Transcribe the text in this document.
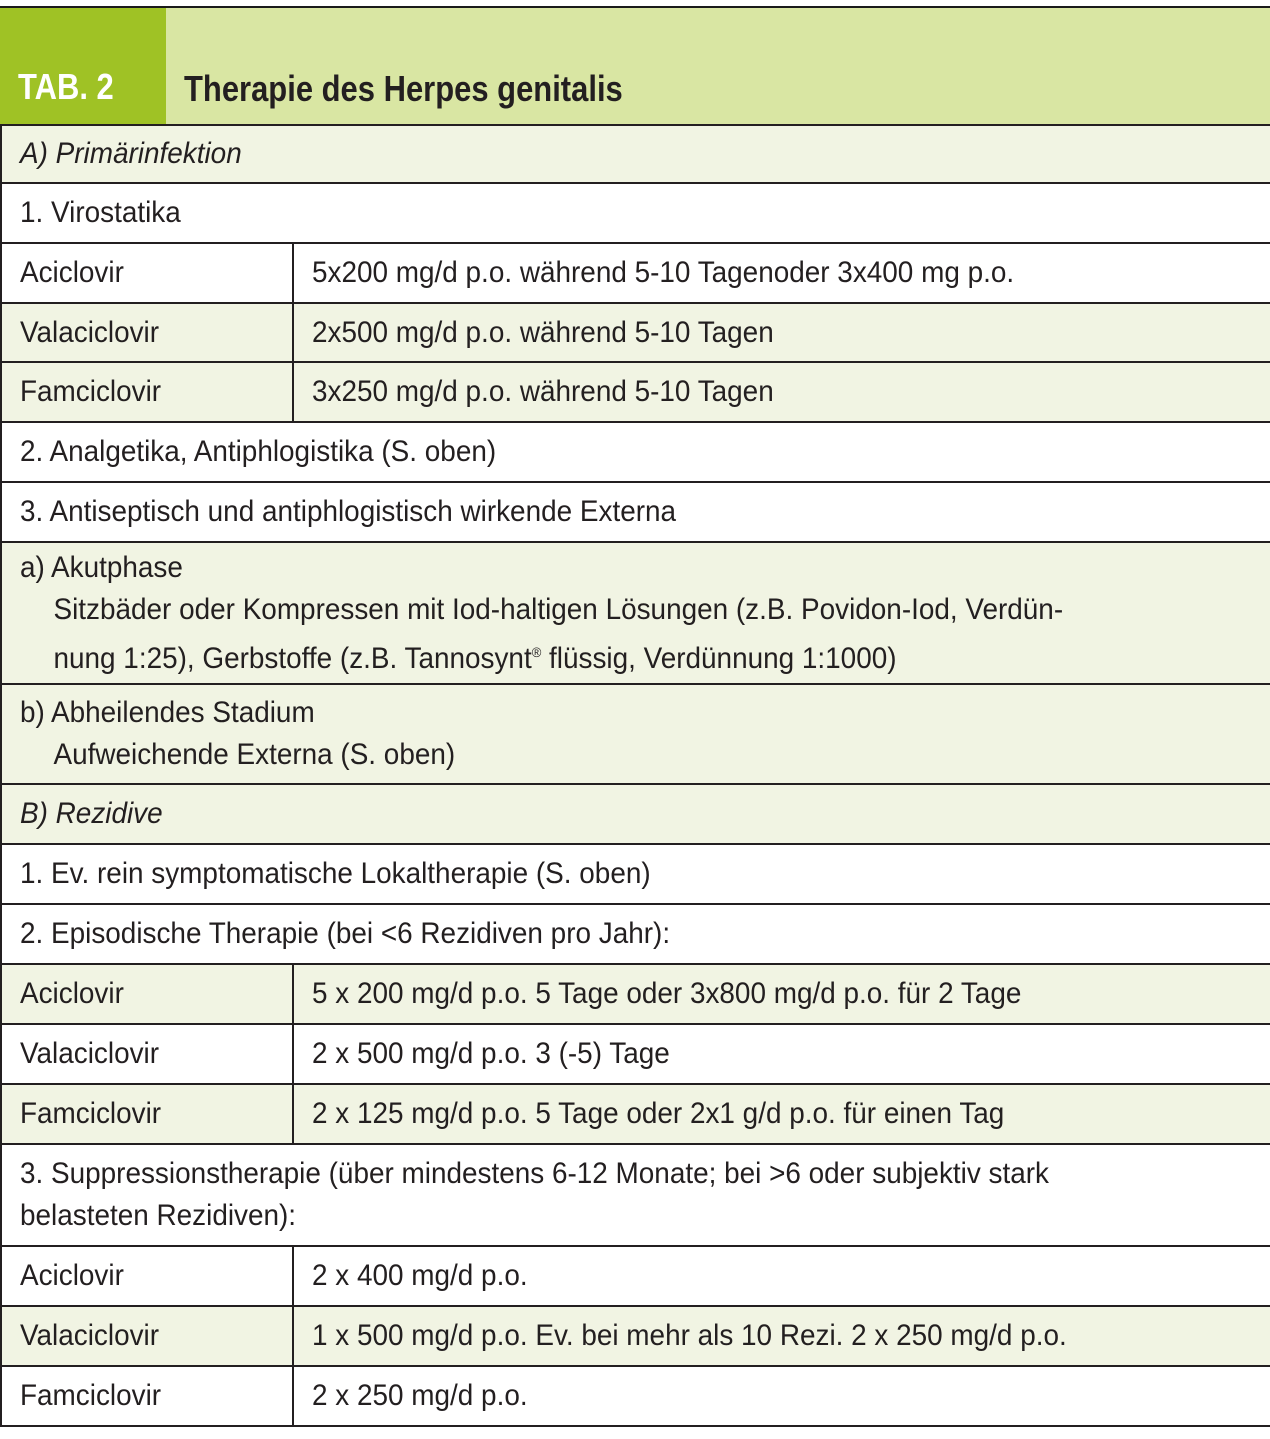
TAB. 2 Therapie des Herpes genitalis
A) Primärinfektion	
1. Virostatika	
Aciclovir	5x200 mg/d p.o. während 5-10 Tagenoder 3x400 mg p.o.
Valaciclovir	2x500 mg/d p.o. während 5-10 Tagen
Famciclovir	3x250 mg/d p.o. während 5-10 Tagen
2. Analgetika, Antiphlogistika (S. oben)	
3. Antiseptisch und antiphlogistisch wirkende Externa	

a) Akutphase
Sitzbäder oder Kompressen mit Iod-haltigen Lösungen (z.B. Povidon-Iod, Verdün-
nung 1:25), Gerbstoffe (z.B. Tannosynt® flüssig, Verdünnung 1:1000)	

b) Abheilendes Stadium
Aufweichende Externa (S. oben)	

B) Rezidive	
1. Ev. rein symptomatische Lokaltherapie (S. oben)	
2. Episodische Therapie (bei <6 Rezidiven pro Jahr):	
Aciclovir	5 x 200 mg/d p.o. 5 Tage oder 3x800 mg/d p.o. für 2 Tage
Valaciclovir	2 x 500 mg/d p.o. 3 (-5) Tage
Famciclovir	2 x 125 mg/d p.o. 5 Tage oder 2x1 g/d p.o. für einen Tag

3. Suppressionstherapie (über mindestens 6-12 Monate; bei >6 oder subjektiv stark
belasteten Rezidiven):	

Aciclovir	2 x 400 mg/d p.o.
Valaciclovir	1 x 500 mg/d p.o. Ev. bei mehr als 10 Rezi. 2 x 250 mg/d p.o.
Famciclovir	2 x 250 mg/d p.o.
